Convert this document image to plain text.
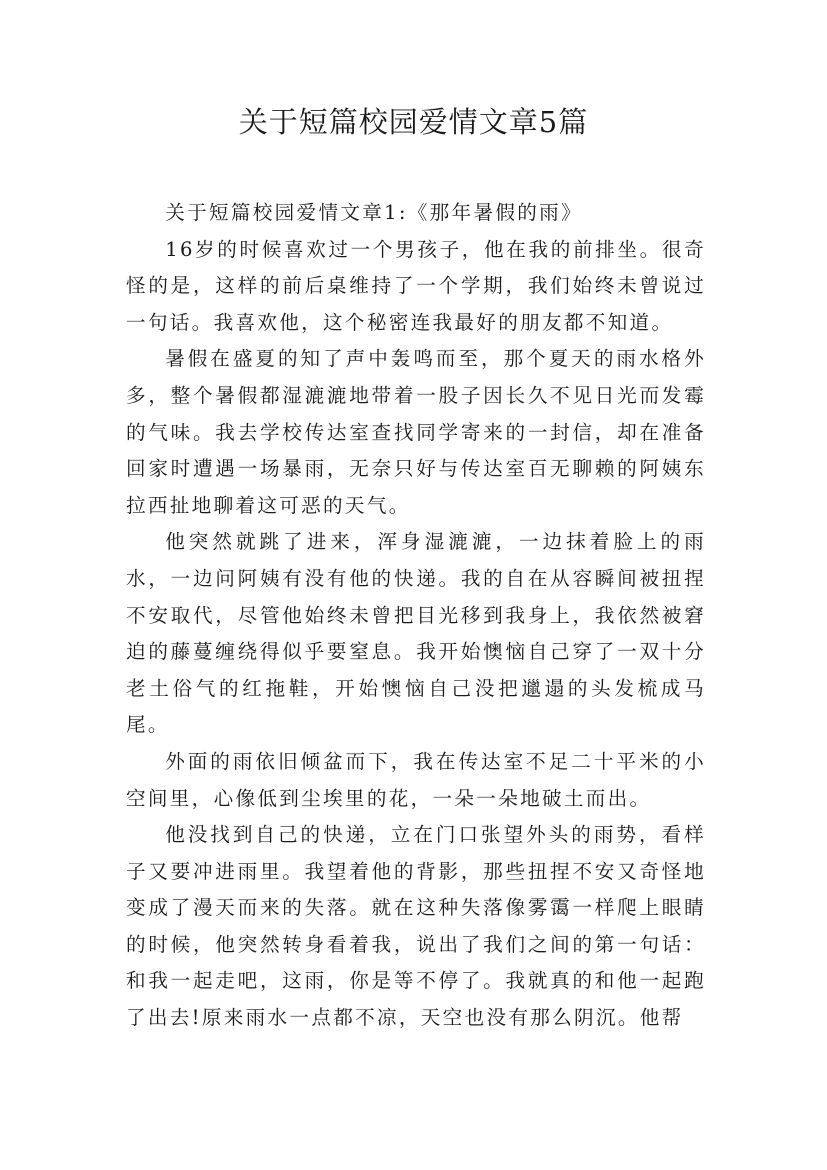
关于短篇校园爱情文章5篇

关于短篇校园爱情文章1:《那年暑假的雨》

16岁的时候喜欢过一个男孩子，他在我的前排坐。很奇怪的是，这样的前后桌维持了一个学期，我们始终未曾说过一句话。我喜欢他，这个秘密连我最好的朋友都不知道。

暑假在盛夏的知了声中轰鸣而至，那个夏天的雨水格外多，整个暑假都湿漉漉地带着一股子因长久不见日光而发霉的气味。我去学校传达室查找同学寄来的一封信，却在准备回家时遭遇一场暴雨，无奈只好与传达室百无聊赖的阿姨东拉西扯地聊着这可恶的天气。

他突然就跳了进来，浑身湿漉漉，一边抹着脸上的雨水，一边问阿姨有没有他的快递。我的自在从容瞬间被扭捏不安取代，尽管他始终未曾把目光移到我身上，我依然被窘迫的藤蔓缠绕得似乎要窒息。我开始懊恼自己穿了一双十分老土俗气的红拖鞋，开始懊恼自己没把邋遢的头发梳成马尾。

外面的雨依旧倾盆而下，我在传达室不足二十平米的小空间里，心像低到尘埃里的花，一朵一朵地破土而出。

他没找到自己的快递，立在门口张望外头的雨势，看样子又要冲进雨里。我望着他的背影，那些扭捏不安又奇怪地变成了漫天而来的失落。就在这种失落像雾霭一样爬上眼睛的时候，他突然转身看着我，说出了我们之间的第一句话：和我一起走吧，这雨，你是等不停了。我就真的和他一起跑了出去!原来雨水一点都不凉，天空也没有那么阴沉。他帮
